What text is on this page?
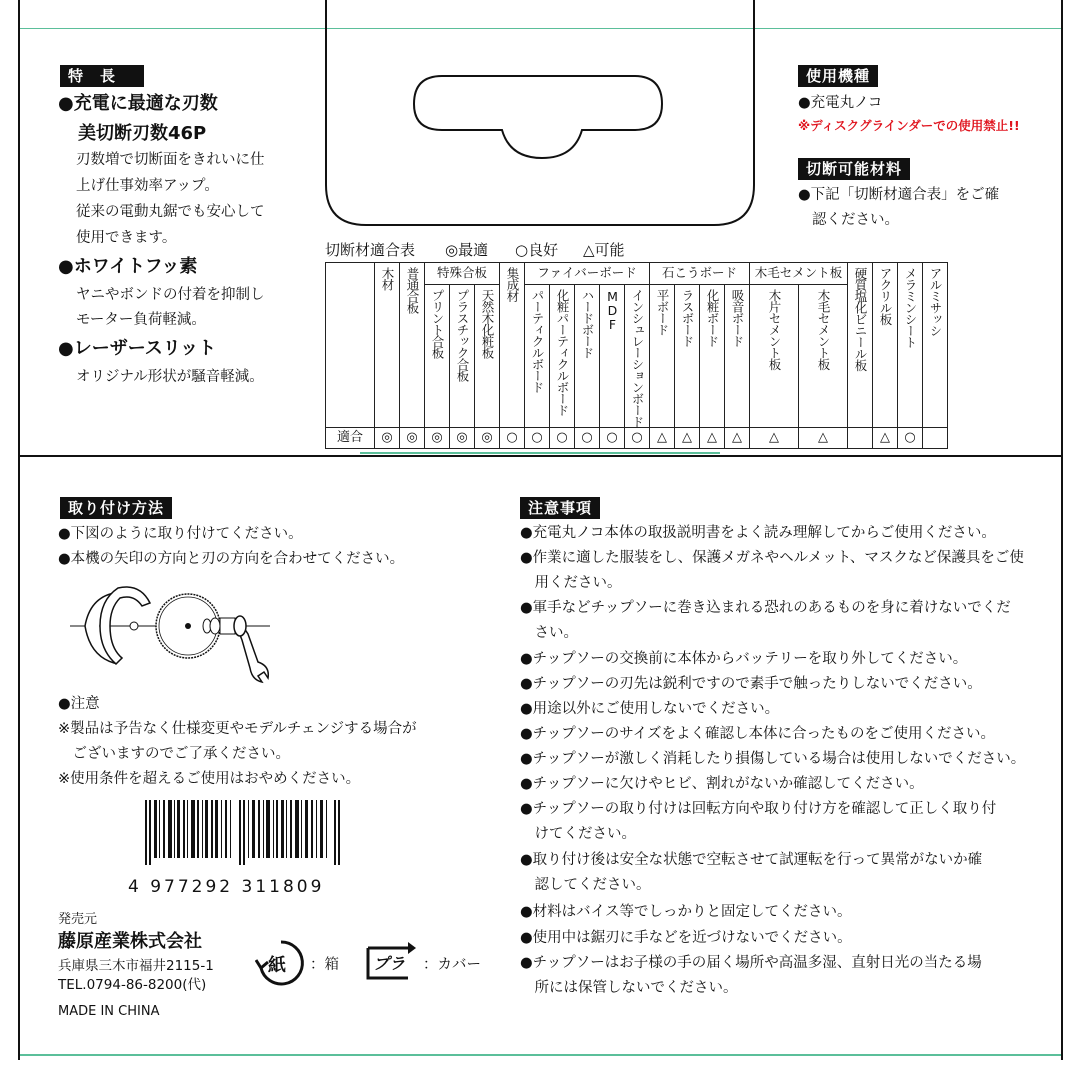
特　長
●充電に最適な刃数
美切断刃数46P
刃数増で切断面をきれいに仕
上げ仕事効率アップ。
従来の電動丸鋸でも安心して
使用できます。
●ホワイトフッ素
ヤニやボンドの付着を抑制し
モーター負荷軽減。
●レーザースリット
オリジナル形状が騒音軽減。
使用機種
●充電丸ノコ
※ディスクグラインダーでの使用禁止!!
切断可能材料
●下記「切断材適合表」をご確
認ください。
切断材適合表 ◎最適 ○良好 △可能

	木材	普通合板	特殊合板			集成材	ファイバーボード					石こうボード				木毛セメント板		硬質塩化ビニール板	アクリル板	メラミンシート	アルミサッシ

			プリント合板	プラスチック合板	天然木化粧板		パーティクルボード	化粧パーティクルボード	ハードボード	MDF	インシュレーションボード	平ボード	ラスボード	化粧ボード	吸音ボード	木片セメント板	木毛セメント板				

適合	◎	◎	◎	◎	◎	○	○	○	○	○	○	△	△	△	△	△	△		△	○	

取り付け方法
●下図のように取り付けてください。
●本機の矢印の方向と刃の方向を合わせてください。
●注意
※製品は予告なく仕様変更やモデルチェンジする場合が
　ございますのでご了承ください。
※使用条件を超えるご使用はおやめください。
4 977292 311809
発売元
藤原産業株式会社
兵庫県三木市福井2115-1
TEL.0794-86-8200(代)
MADE IN CHINA
紙 ：箱 プラ ：カバー
注意事項
●充電丸ノコ本体の取扱説明書をよく読み理解してからご使用ください。
●作業に適した服装をし、保護メガネやヘルメット、マスクなど保護具をご使
　用ください。
●軍手などチップソーに巻き込まれる恐れのあるものを身に着けないでくだ
　さい。
●チップソーの交換前に本体からバッテリーを取り外してください。
●チップソーの刃先は鋭利ですので素手で触ったりしないでください。
●用途以外にご使用しないでください。
●チップソーのサイズをよく確認し本体に合ったものをご使用ください。
●チップソーが激しく消耗したり損傷している場合は使用しないでください。
●チップソーに欠けやヒビ、割れがないか確認してください。
●チップソーの取り付けは回転方向や取り付け方を確認して正しく取り付
　けてください。
●取り付け後は安全な状態で空転させて試運転を行って異常がないか確
　認してください。
●材料はバイス等でしっかりと固定してください。
●使用中は鋸刃に手などを近づけないでください。
●チップソーはお子様の手の届く場所や高温多湿、直射日光の当たる場
　所には保管しないでください。
